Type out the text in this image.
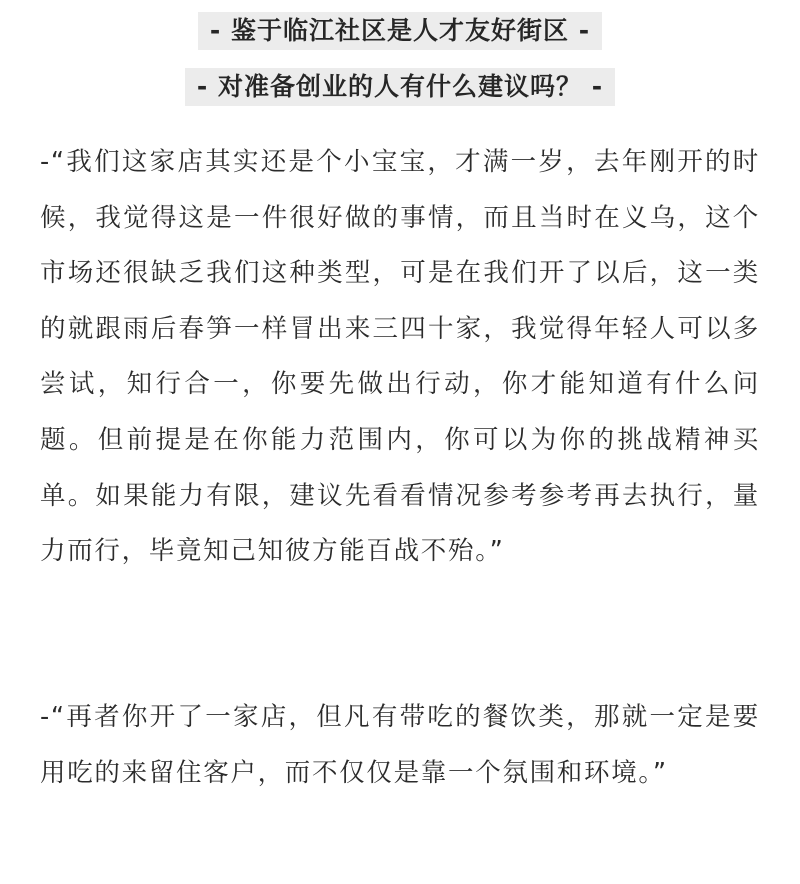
- 鉴于临江社区是人才友好街区 -
- 对准备创业的人有什么建议吗？ -

-“我们这家店其实还是个小宝宝，才满一岁，去年刚开的时候，我觉得这是一件很好做的事情，而且当时在义乌，这个市场还很缺乏我们这种类型，可是在我们开了以后，这一类的就跟雨后春笋一样冒出来三四十家，我觉得年轻人可以多尝试，知行合一，你要先做出行动，你才能知道有什么问题。但前提是在你能力范围内，你可以为你的挑战精神买单。如果能力有限，建议先看看情况参考参考再去执行，量力而行，毕竟知己知彼方能百战不殆。”

-“再者你开了一家店，但凡有带吃的餐饮类，那就一定是要用吃的来留住客户，而不仅仅是靠一个氛围和环境。”
